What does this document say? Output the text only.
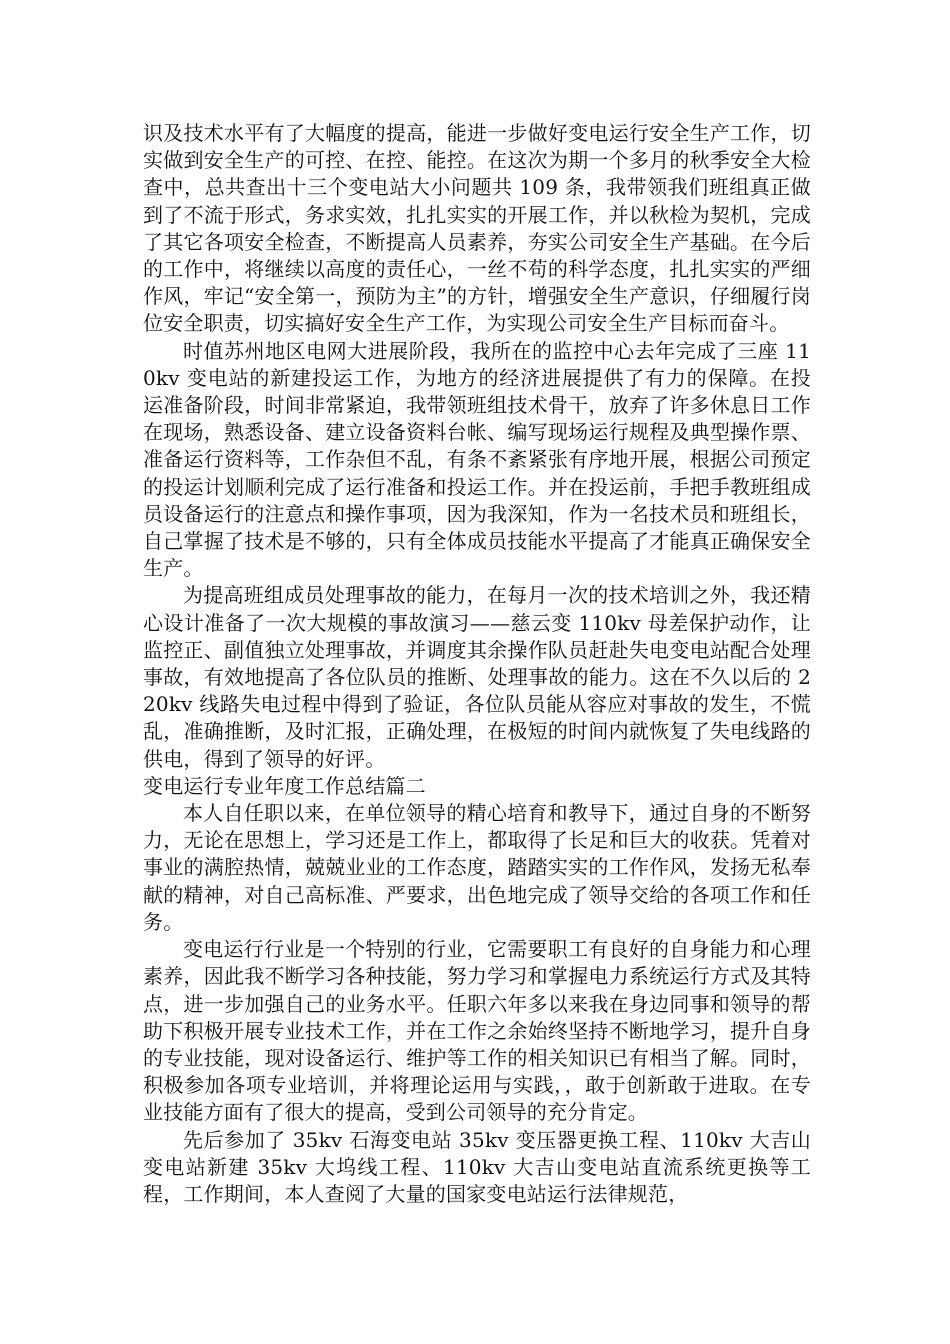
识及技术水平有了大幅度的提高，能进一步做好变电运行安全生产工作，切实做到安全生产的可控、在控、能控。在这次为期一个多月的秋季安全大检查中，总共查出十三个变电站大小问题共 109 条，我带领我们班组真正做到了不流于形式，务求实效，扎扎实实的开展工作，并以秋检为契机，完成了其它各项安全检查，不断提高人员素养，夯实公司安全生产基础。在今后的工作中，将继续以高度的责任心，一丝不苟的科学态度，扎扎实实的严细作风，牢记“安全第一，预防为主”的方针，增强安全生产意识，仔细履行岗位安全职责，切实搞好安全生产工作，为实现公司安全生产目标而奋斗。

时值苏州地区电网大进展阶段，我所在的监控中心去年完成了三座 110kv 变电站的新建投运工作，为地方的经济进展提供了有力的保障。在投运准备阶段，时间非常紧迫，我带领班组技术骨干，放弃了许多休息日工作在现场，熟悉设备、建立设备资料台帐、编写现场运行规程及典型操作票、准备运行资料等，工作杂但不乱，有条不紊紧张有序地开展，根据公司预定的投运计划顺利完成了运行准备和投运工作。并在投运前，手把手教班组成员设备运行的注意点和操作事项，因为我深知，作为一名技术员和班组长，自己掌握了技术是不够的，只有全体成员技能水平提高了才能真正确保安全生产。

为提高班组成员处理事故的能力，在每月一次的技术培训之外，我还精心设计准备了一次大规模的事故演习——慈云变 110kv 母差保护动作，让监控正、副值独立处理事故，并调度其余操作队员赶赴失电变电站配合处理事故，有效地提高了各位队员的推断、处理事故的能力。这在不久以后的 220kv 线路失电过程中得到了验证，各位队员能从容应对事故的发生，不慌乱，准确推断，及时汇报，正确处理，在极短的时间内就恢复了失电线路的供电，得到了领导的好评。

变电运行专业年度工作总结篇二

本人自任职以来，在单位领导的精心培育和教导下，通过自身的不断努力，无论在思想上，学习还是工作上，都取得了长足和巨大的收获。凭着对事业的满腔热情，兢兢业业的工作态度，踏踏实实的工作作风，发扬无私奉献的精神，对自己高标准、严要求，出色地完成了领导交给的各项工作和任务。

变电运行行业是一个特别的行业，它需要职工有良好的自身能力和心理素养，因此我不断学习各种技能，努力学习和掌握电力系统运行方式及其特点，进一步加强自己的业务水平。任职六年多以来我在身边同事和领导的帮助下积极开展专业技术工作，并在工作之余始终坚持不断地学习，提升自身的专业技能，现对设备运行、维护等工作的相关知识已有相当了解。同时，积极参加各项专业培训，并将理论运用与实践，，敢于创新敢于进取。在专业技能方面有了很大的提高，受到公司领导的充分肯定。

先后参加了 35kv 石海变电站 35kv 变压器更换工程、110kv 大吉山变电站新建 35kv 大坞线工程、110kv 大吉山变电站直流系统更换等工程，工作期间，本人查阅了大量的国家变电站运行法律规范，
